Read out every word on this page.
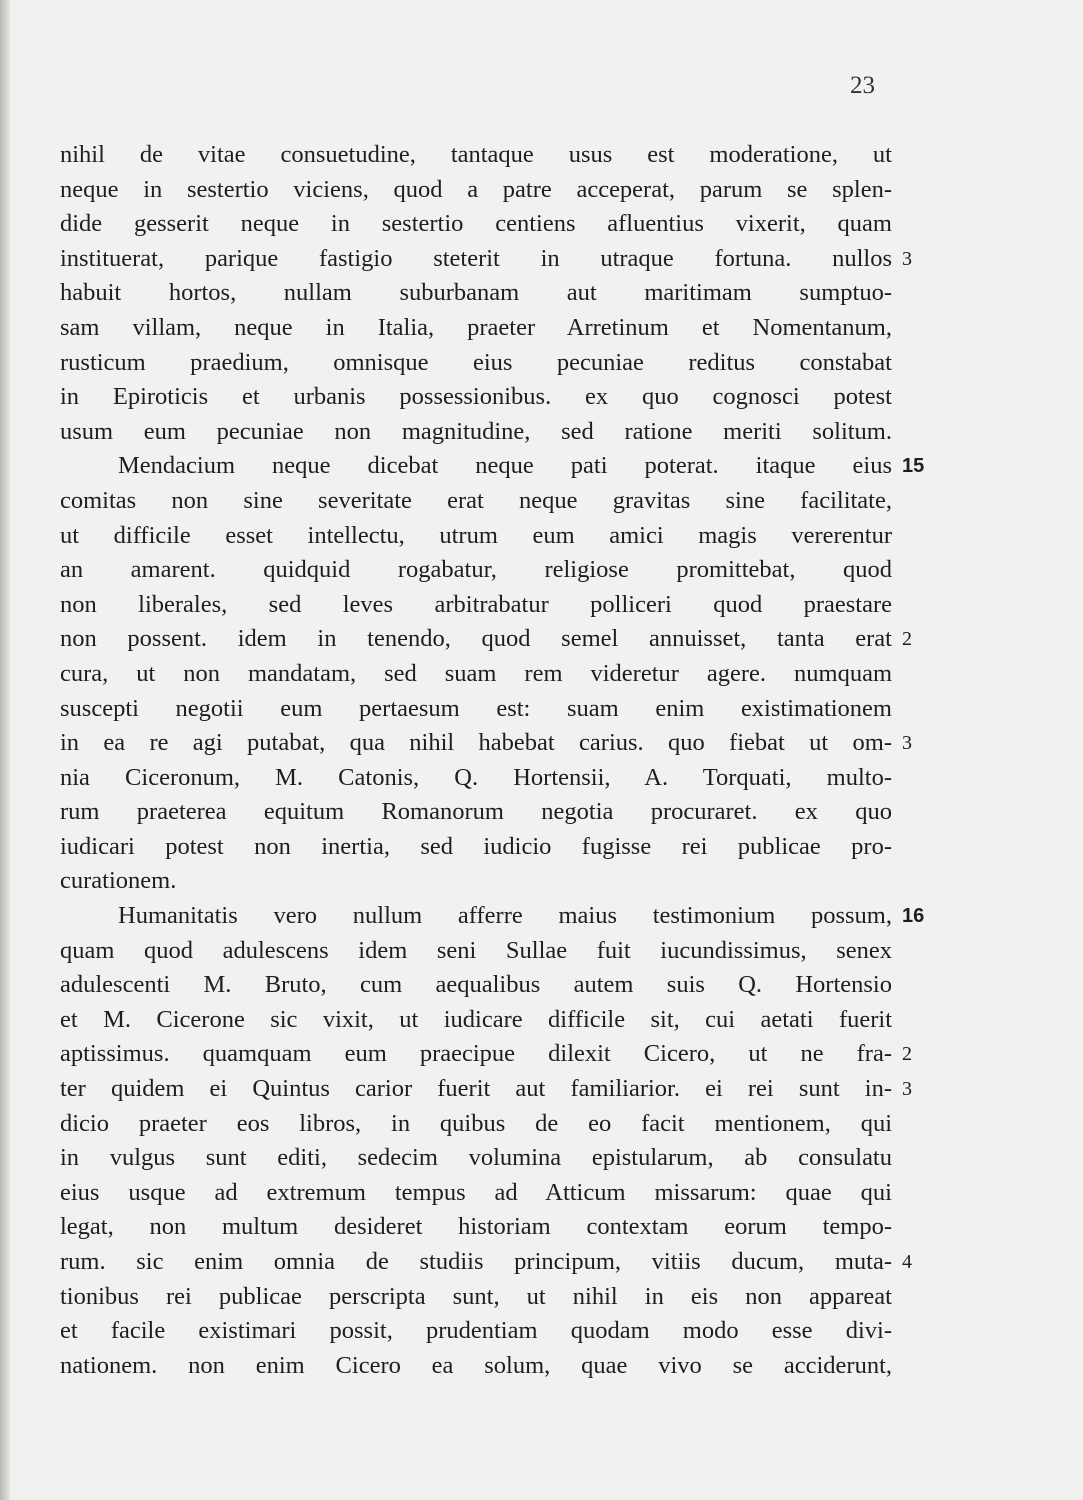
23
nihil de vitae consuetudine, tantaque usus est moderatione, ut
neque in sestertio viciens, quod a patre acceperat, parum se splen-
dide gesserit neque in sestertio centiens afluentius vixerit, quam
instituerat, parique fastigio steterit in utraque fortuna. nullos 3
habuit hortos, nullam suburbanam aut maritimam sumptuo-
sam villam, neque in Italia, praeter Arretinum et Nomentanum,
rusticum praedium, omnisque eius pecuniae reditus constabat
in Epiroticis et urbanis possessionibus. ex quo cognosci potest
usum eum pecuniae non magnitudine, sed ratione meriti solitum.
Mendacium neque dicebat neque pati poterat. itaque eius 15
comitas non sine severitate erat neque gravitas sine facilitate,
ut difficile esset intellectu, utrum eum amici magis vererentur
an amarent. quidquid rogabatur, religiose promittebat, quod
non liberales, sed leves arbitrabatur polliceri quod praestare
non possent. idem in tenendo, quod semel annuisset, tanta erat 2
cura, ut non mandatam, sed suam rem videretur agere. numquam
suscepti negotii eum pertaesum est: suam enim existimationem
in ea re agi putabat, qua nihil habebat carius. quo fiebat ut om- 3
nia Ciceronum, M. Catonis, Q. Hortensii, A. Torquati, multo-
rum praeterea equitum Romanorum negotia procuraret. ex quo
iudicari potest non inertia, sed iudicio fugisse rei publicae pro-
curationem.
Humanitatis vero nullum afferre maius testimonium possum, 16
quam quod adulescens idem seni Sullae fuit iucundissimus, senex
adulescenti M. Bruto, cum aequalibus autem suis Q. Hortensio
et M. Cicerone sic vixit, ut iudicare difficile sit, cui aetati fuerit
aptissimus. quamquam eum praecipue dilexit Cicero, ut ne fra- 2
ter quidem ei Quintus carior fuerit aut familiarior. ei rei sunt in- 3
dicio praeter eos libros, in quibus de eo facit mentionem, qui
in vulgus sunt editi, sedecim volumina epistularum, ab consulatu
eius usque ad extremum tempus ad Atticum missarum: quae qui
legat, non multum desideret historiam contextam eorum tempo-
rum. sic enim omnia de studiis principum, vitiis ducum, muta- 4
tionibus rei publicae perscripta sunt, ut nihil in eis non appareat
et facile existimari possit, prudentiam quodam modo esse divi-
nationem. non enim Cicero ea solum, quae vivo se acciderunt,
